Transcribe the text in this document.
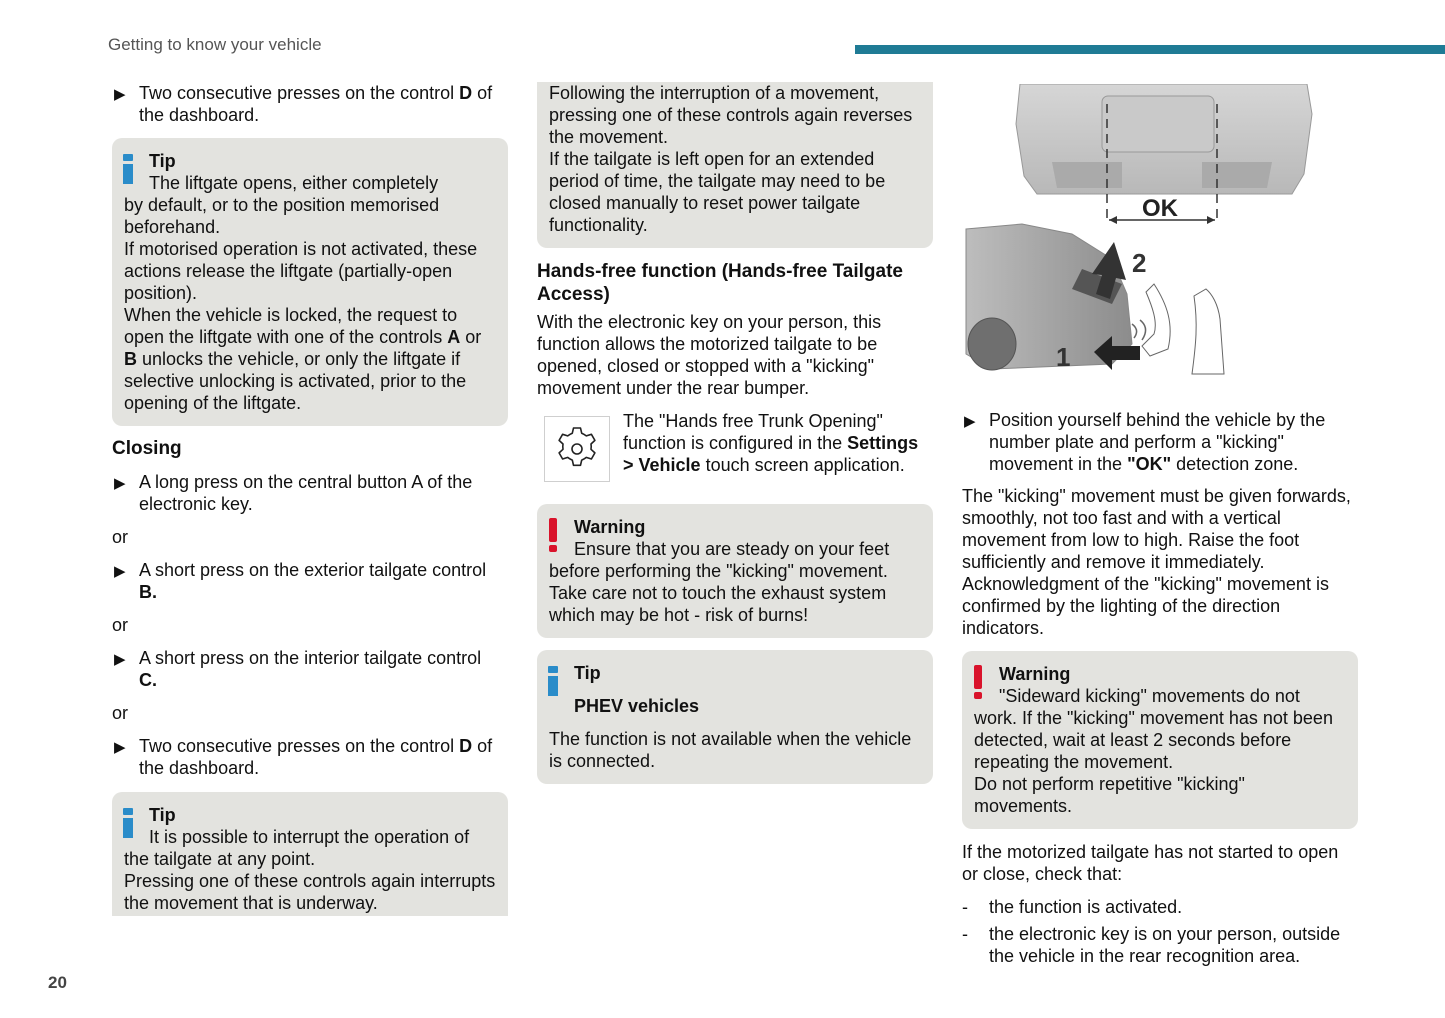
Getting to know your vehicle
▶ Two consecutive presses on the control D of the dashboard.
Tip

The liftgate opens, either completely

by default, or to the position memorised beforehand.

If motorised operation is not activated, these actions release the liftgate (partially-open position).

When the vehicle is locked, the request to open the liftgate with one of the controls A or B unlocks the vehicle, or only the liftgate if selective unlocking is activated, prior to the opening of the liftgate.

Closing
▶ A long press on the central button A of the electronic key.

or

▶ A short press on the exterior tailgate control
B.

or

▶ A short press on the interior tailgate control
C.

or

▶ Two consecutive presses on the control D of the dashboard.
Tip

It is possible to interrupt the operation of

the tailgate at any point.

Pressing one of these controls again interrupts the movement that is underway.

Following the interruption of a movement, pressing one of these controls again reverses the movement.

If the tailgate is left open for an extended period of time, the tailgate may need to be closed manually to reset power tailgate functionality.

Hands-free function (Hands-free Tailgate Access)

With the electronic key on your person, this function allows the motorized tailgate to be opened, closed or stopped with a "kicking" movement under the rear bumper.

The "Hands free Trunk Opening" function is configured in the Settings
> Vehicle touch screen application.
Warning

Ensure that you are steady on your feet

before performing the "kicking" movement. Take care not to touch the exhaust system which may be hot - risk of burns!

Tip

PHEV vehicles

The function is not available when the vehicle is connected.

OK
2
1
▶ Position yourself behind the vehicle by the number plate and perform a "kicking" movement in the "OK" detection zone.

The "kicking" movement must be given forwards, smoothly, not too fast and with a vertical movement from low to high. Raise the foot sufficiently and remove it immediately.

Acknowledgment of the "kicking" movement is confirmed by the lighting of the direction indicators.

Warning

"Sideward kicking" movements do not

work. If the "kicking" movement has not been detected, wait at least 2 seconds before repeating the movement.

Do not perform repetitive "kicking" movements.

If the motorized tailgate has not started to open or close, check that:

- the function is activated.
- the electronic key is on your person, outside the vehicle in the rear recognition area.
20
